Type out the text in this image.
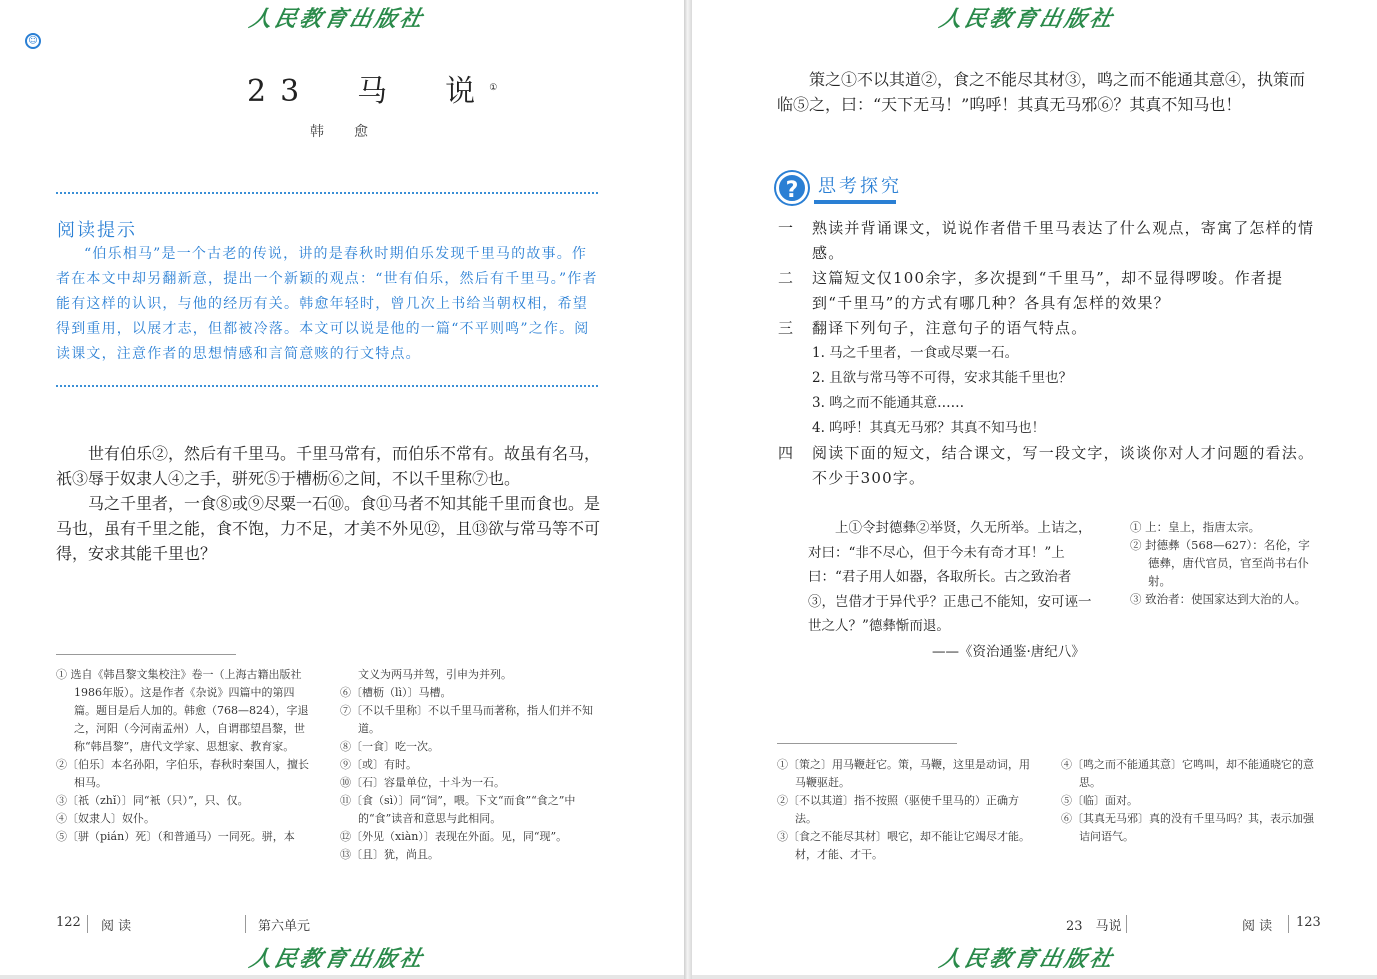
人民教育出版社
☺
23　马　说①
韩　愈
阅读提示
“伯乐相马”是一个古老的传说，讲的是春秋时期伯乐发现千里马的故事。作者在本文中却另翻新意，提出一个新颖的观点：“世有伯乐，然后有千里马。”作者能有这样的认识，与他的经历有关。韩愈年轻时，曾几次上书给当朝权相，希望得到重用，以展才志，但都被冷落。本文可以说是他的一篇“不平则鸣”之作。阅读课文，注意作者的思想情感和言简意赅的行文特点。

世有伯乐②，然后有千里马。千里马常有，而伯乐不常有。故虽有名马，祇③辱于奴隶人④之手，骈死⑤于槽枥⑥之间，不以千里称⑦也。

马之千里者，一食⑧或⑨尽粟一石⑩。食⑪马者不知其能千里而食也。是马也，虽有千里之能，食不饱，力不足，才美不外见⑫，且⑬欲与常马等不可得，安求其能千里也？

① 选自《韩昌黎文集校注》卷一（上海古籍出版社1986年版）。这是作者《杂说》四篇中的第四篇。题目是后人加的。韩愈（768—824），字退之，河阳（今河南孟州）人，自谓郡望昌黎，世称“韩昌黎”，唐代文学家、思想家、教育家。
②〔伯乐〕本名孙阳，字伯乐，春秋时秦国人，擅长相马。
③〔祇（zhǐ）〕同“衹（只）”，只、仅。
④〔奴隶人〕奴仆。
⑤〔骈（pián）死〕（和普通马）一同死。骈，本
文义为两马并驾，引申为并列。
⑥〔槽枥（lì）〕马槽。
⑦〔不以千里称〕不以千里马而著称，指人们并不知道。
⑧〔一食〕吃一次。
⑨〔或〕有时。
⑩〔石〕容量单位，十斗为一石。
⑪〔食（sì）〕同“饲”，喂。下文“而食”“食之”中的“食”读音和意思与此相同。
⑫〔外见（xiàn）〕表现在外面。见，同“现”。
⑬〔且〕犹，尚且。
122 阅 读	第六单元
人民教育出版社
人民教育出版社

策之①不以其道②，食之不能尽其材③，鸣之而不能通其意④，执策而临⑤之，曰：“天下无马！”呜呼！其真无马邪⑥？其真不知马也！

思考探究
一 熟读并背诵课文，说说作者借千里马表达了什么观点，寄寓了怎样的情感。
二 这篇短文仅100余字，多次提到“千里马”，却不显得啰唆。作者提到“千里马”的方式有哪几种？各具有怎样的效果？
三 翻译下列句子，注意句子的语气特点。
1. 马之千里者，一食或尽粟一石。
2. 且欲与常马等不可得，安求其能千里也？
3. 鸣之而不能通其意……
4. 呜呼！其真无马邪？其真不知马也！
四 阅读下面的短文，结合课文，写一段文字，谈谈你对人才问题的看法。不少于300字。
上①令封德彝②举贤，久无所举。上诘之，对曰：“非不尽心，但于今未有奇才耳！”上曰：“君子用人如器，各取所长。古之致治者③，岂借才于异代乎？正患己不能知，安可诬一世之人？”德彝惭而退。
——《资治通鉴·唐纪八》
① 上：皇上，指唐太宗。
② 封德彝（568—627）：名伦，字德彝，唐代官员，官至尚书右仆射。
③ 致治者：使国家达到大治的人。
①〔策之〕用马鞭赶它。策，马鞭，这里是动词，用马鞭驱赶。
②〔不以其道〕指不按照（驱使千里马的）正确方法。
③〔食之不能尽其材〕喂它，却不能让它竭尽才能。材，才能、才干。
④〔鸣之而不能通其意〕它鸣叫，却不能通晓它的意思。
⑤〔临〕面对。
⑥〔其真无马邪〕真的没有千里马吗？其，表示加强诘问语气。
23　马说	阅 读 123
人民教育出版社
?
